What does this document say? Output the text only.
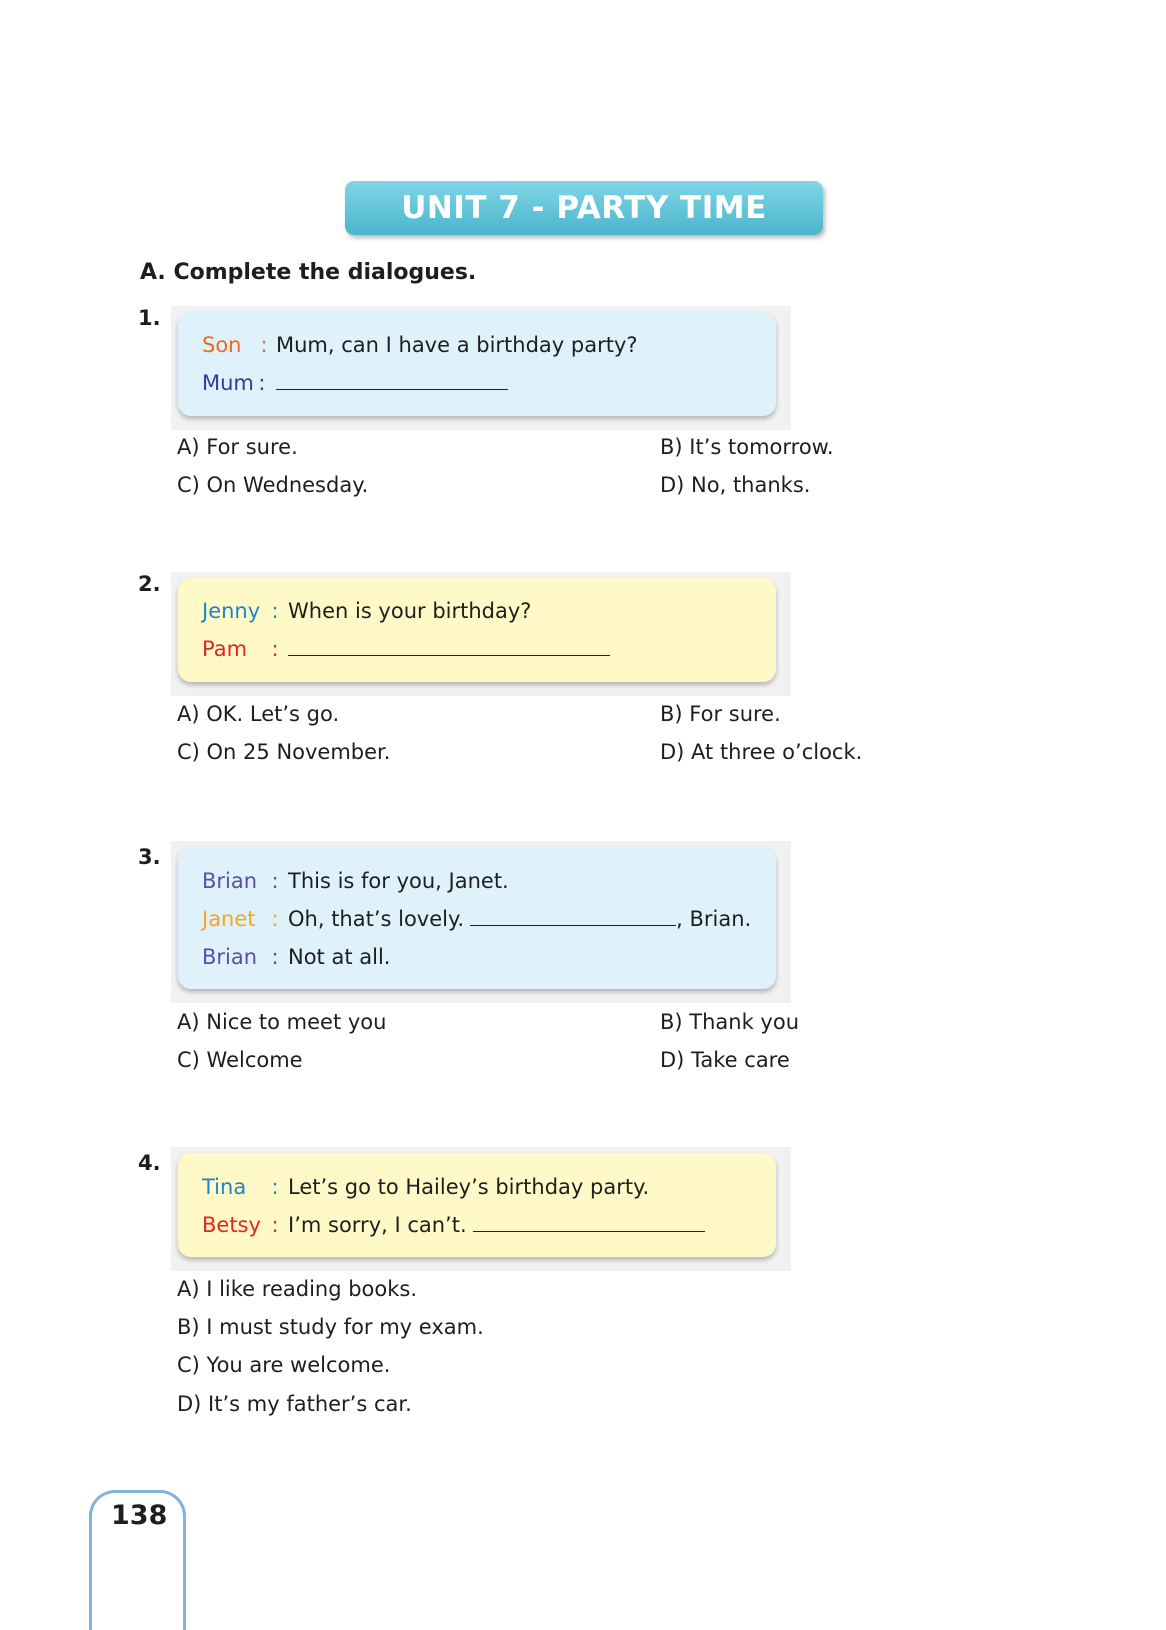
UNIT 7 - PARTY TIME
A. Complete the dialogues.
1.
Son : Mum, can I have a birthday party?
Mum :
A) For sure.	B) It’s tomorrow.
C) On Wednesday.	D) No, thanks.
2.
Jenny : When is your birthday?
Pam	:
A) OK. Let’s go.	B) For sure.
C) On 25 November.	D) At three o’clock.
3.
Brian : This is for you, Janet.
Janet : Oh, that’s lovely.	, Brian.
Brian : Not at all.
A) Nice to meet you	B) Thank you
C) Welcome	D) Take care
4.
Tina	: Let’s go to Hailey’s birthday party.
Betsy : I’m sorry, I can’t.
A) I like reading books.
B) I must study for my exam.
C) You are welcome.
D) It’s my father’s car.
138
